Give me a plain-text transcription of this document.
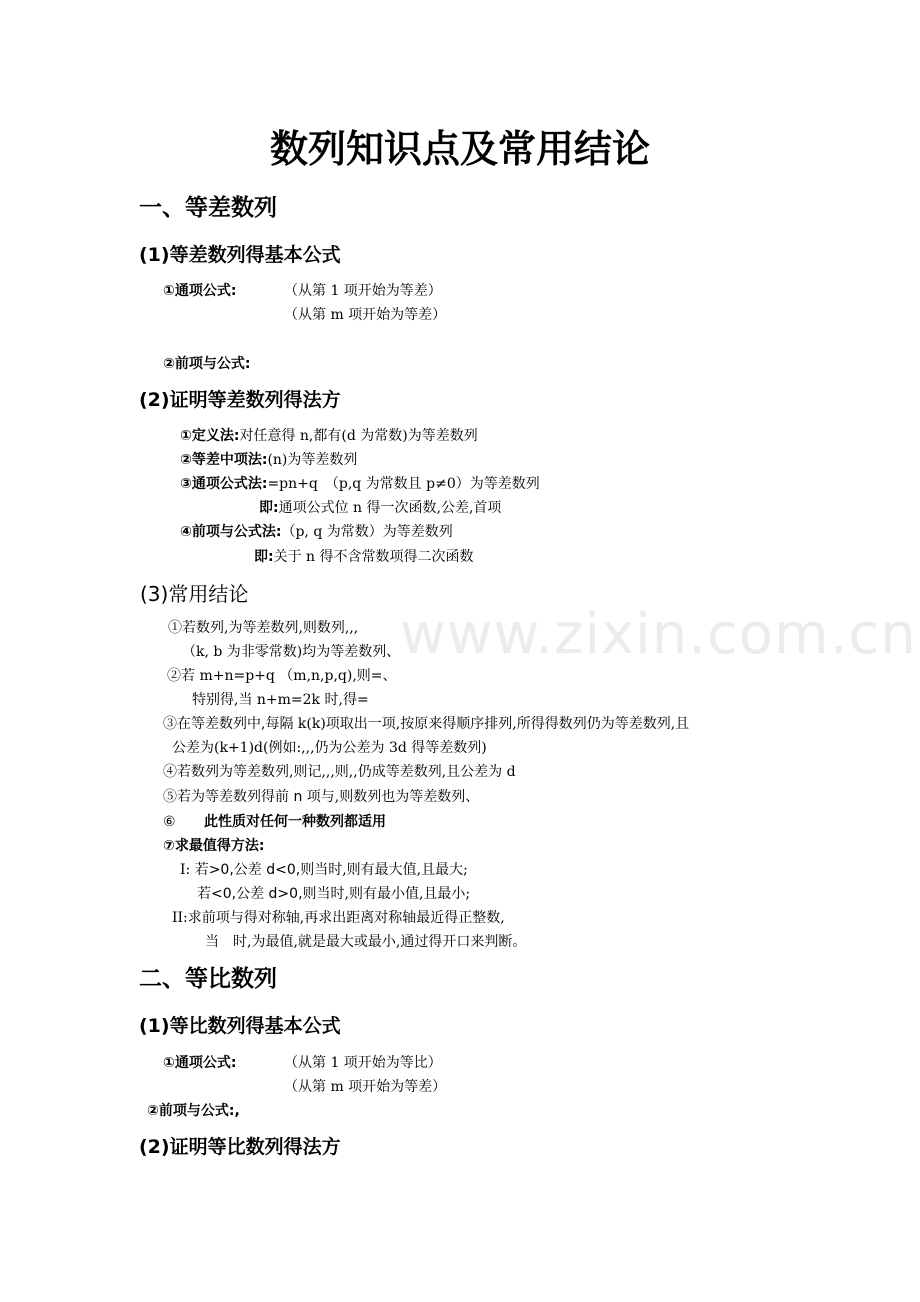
www.zixin.com.cn
数列知识点及常用结论
一、等差数列
(1)等差数列得基本公式
①通项公式:	（从第 1 项开始为等差）
（从第 m 项开始为等差）
②前项与公式:
(2)证明等差数列得法方
①定义法:对任意得 n,都有(d 为常数)为等差数列
②等差中项法:(n)为等差数列
③通项公式法:=pn+q　（p,q 为常数且 p≠0）为等差数列
即:通项公式位 n 得一次函数,公差,首项
④前项与公式法:（p, q 为常数）为等差数列
即:关于 n 得不含常数项得二次函数
(3)常用结论
①若数列,为等差数列,则数列,,,
（k, b 为非零常数)均为等差数列、
②若 m+n=p+q （m,n,p,q),则=、
特别得,当 n+m=2k 时,得=
③在等差数列中,每隔 k(k)项取出一项,按原来得顺序排列,所得得数列仍为等差数列,且
公差为(k+1)d(例如:,,,仍为公差为 3d 得等差数列)
④若数列为等差数列,则记,,,则,,仍成等差数列,且公差为 d
⑤若为等差数列得前 n 项与,则数列也为等差数列、
⑥ 此性质对任何一种数列都适用
⑦求最值得方法:
I: 若>0,公差 d<0,则当时,则有最大值,且最大;
若<0,公差 d>0,则当时,则有最小值,且最小;
II:求前项与得对称轴,再求出距离对称轴最近得正整数,
当　时,为最值,就是最大或最小,通过得开口来判断。
二、等比数列
(1)等比数列得基本公式
①通项公式:	（从第 1 项开始为等比）
（从第 m 项开始为等差）
②前项与公式:,
(2)证明等比数列得法方
